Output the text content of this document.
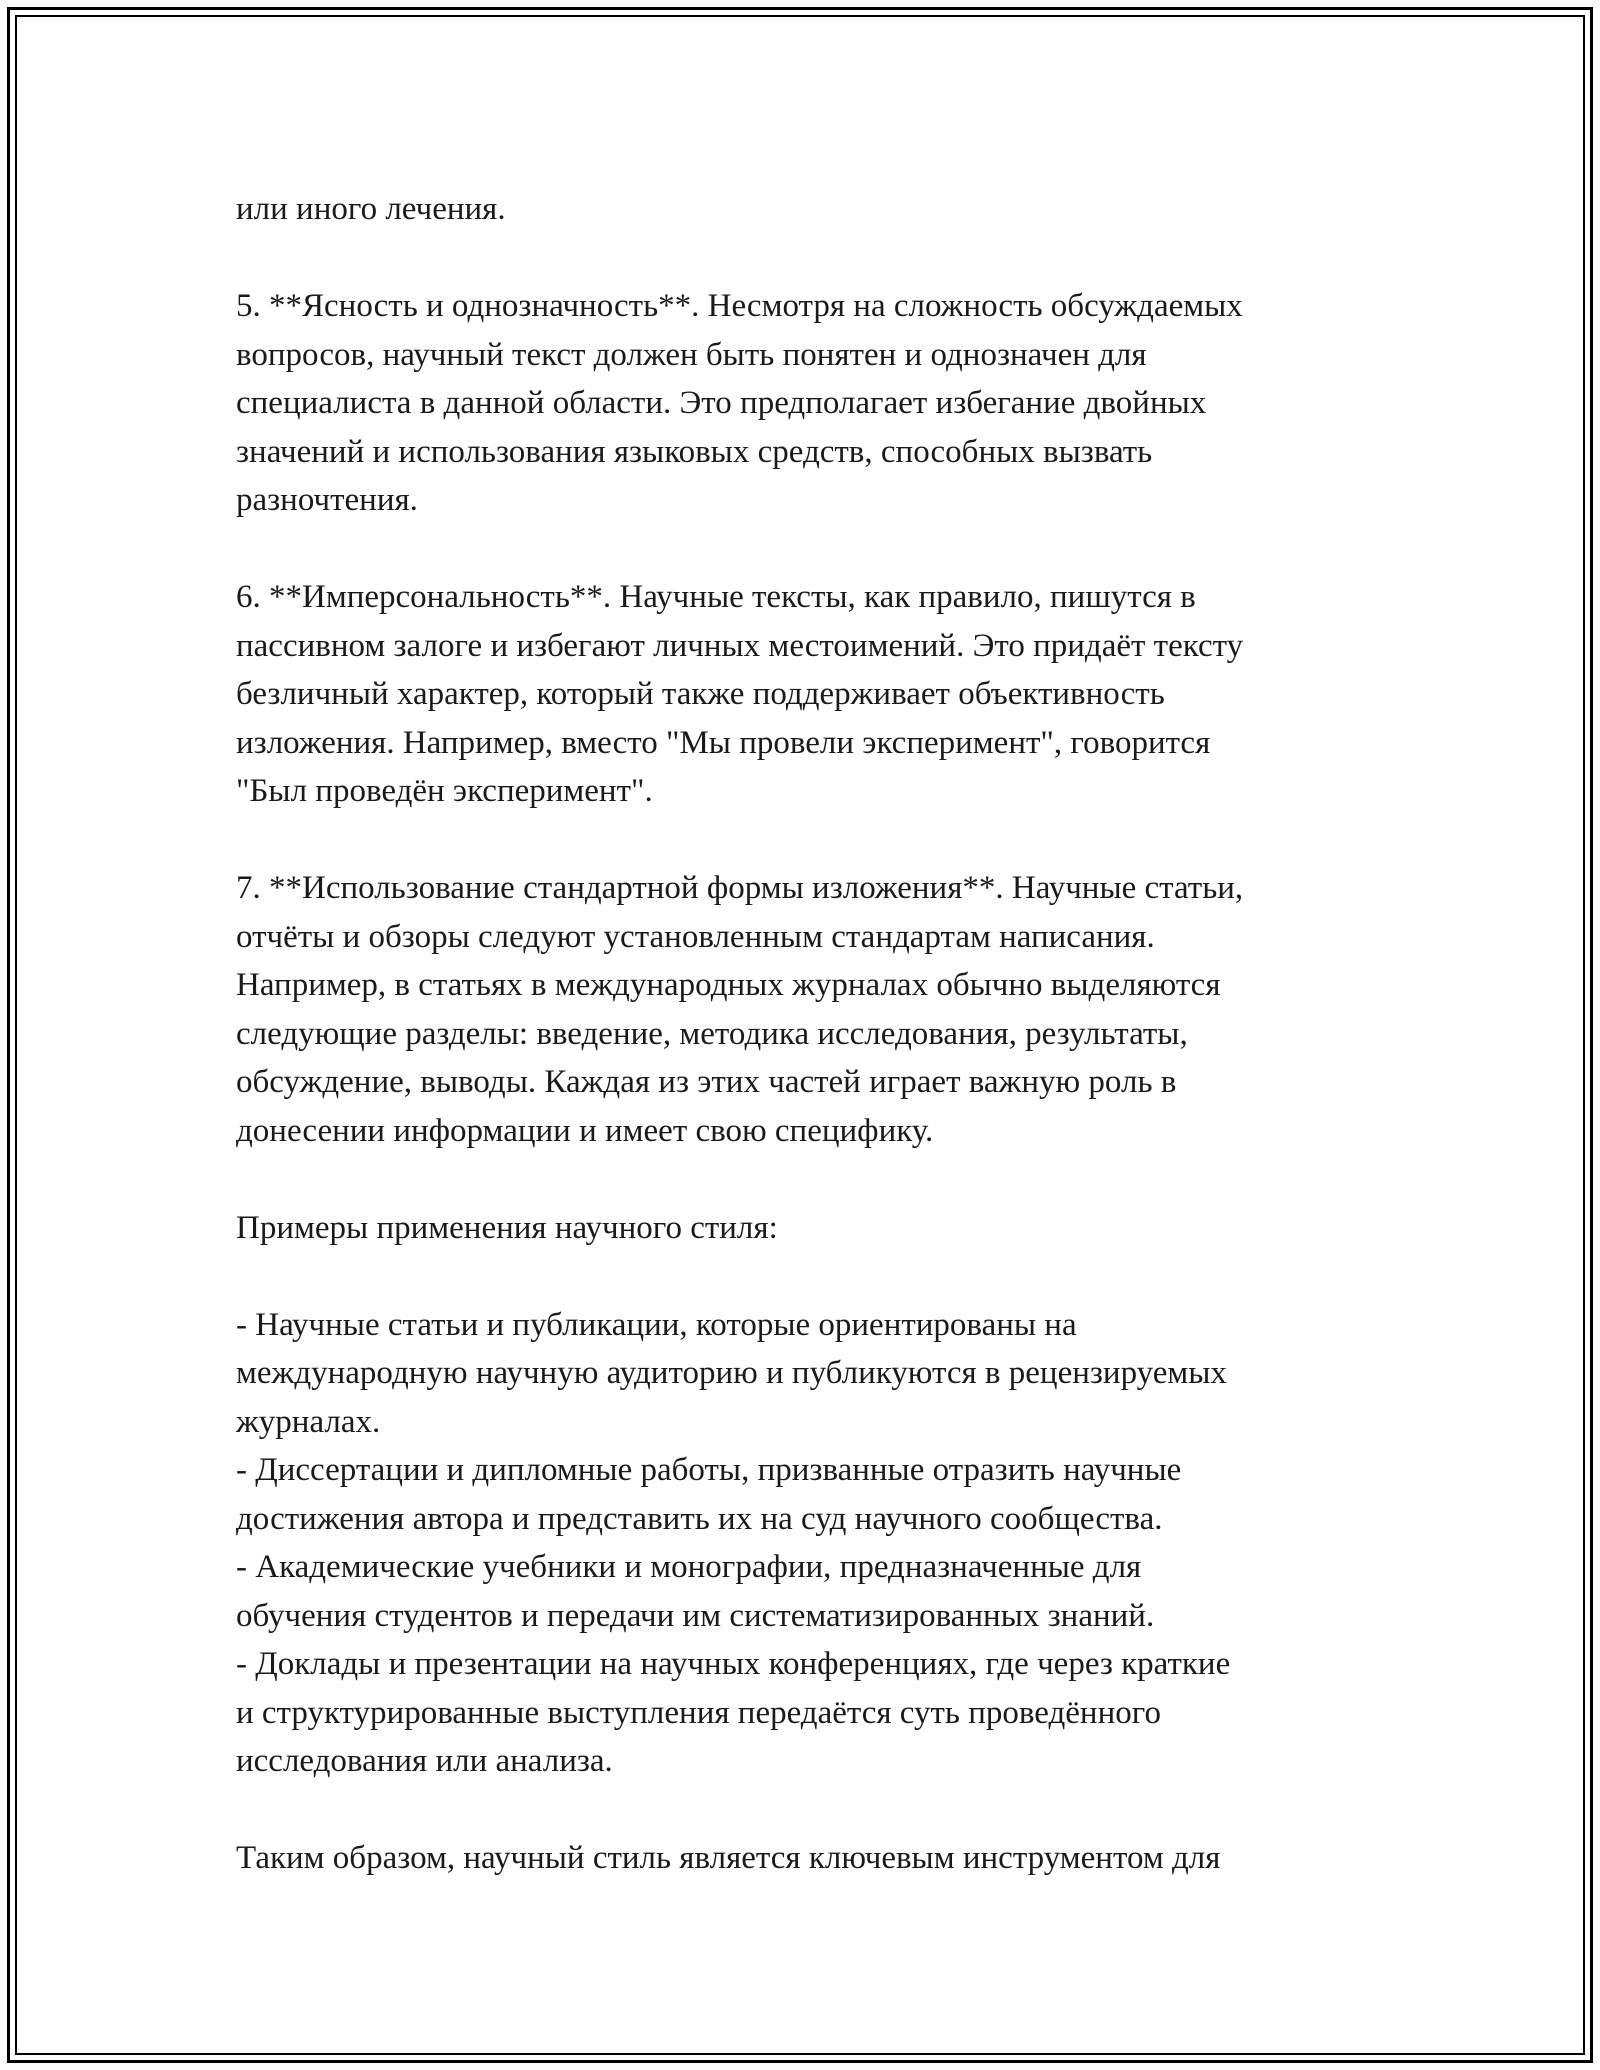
или иного лечения.
5. **Ясность и однозначность**. Несмотря на сложность обсуждаемых
вопросов, научный текст должен быть понятен и однозначен для
специалиста в данной области. Это предполагает избегание двойных
значений и использования языковых средств, способных вызвать
разночтения.
6. **Имперсональность**. Научные тексты, как правило, пишутся в
пассивном залоге и избегают личных местоимений. Это придаёт тексту
безличный характер, который также поддерживает объективность
изложения. Например, вместо "Мы провели эксперимент", говорится
"Был проведён эксперимент".
7. **Использование стандартной формы изложения**. Научные статьи,
отчёты и обзоры следуют установленным стандартам написания.
Например, в статьях в международных журналах обычно выделяются
следующие разделы: введение, методика исследования, результаты,
обсуждение, выводы. Каждая из этих частей играет важную роль в
донесении информации и имеет свою специфику.
Примеры применения научного стиля:
- Научные статьи и публикации, которые ориентированы на
международную научную аудиторию и публикуются в рецензируемых
журналах.
- Диссертации и дипломные работы, призванные отразить научные
достижения автора и представить их на суд научного сообщества.
- Академические учебники и монографии, предназначенные для
обучения студентов и передачи им систематизированных знаний.
- Доклады и презентации на научных конференциях, где через краткие
и структурированные выступления передаётся суть проведённого
исследования или анализа.
Таким образом, научный стиль является ключевым инструментом для
